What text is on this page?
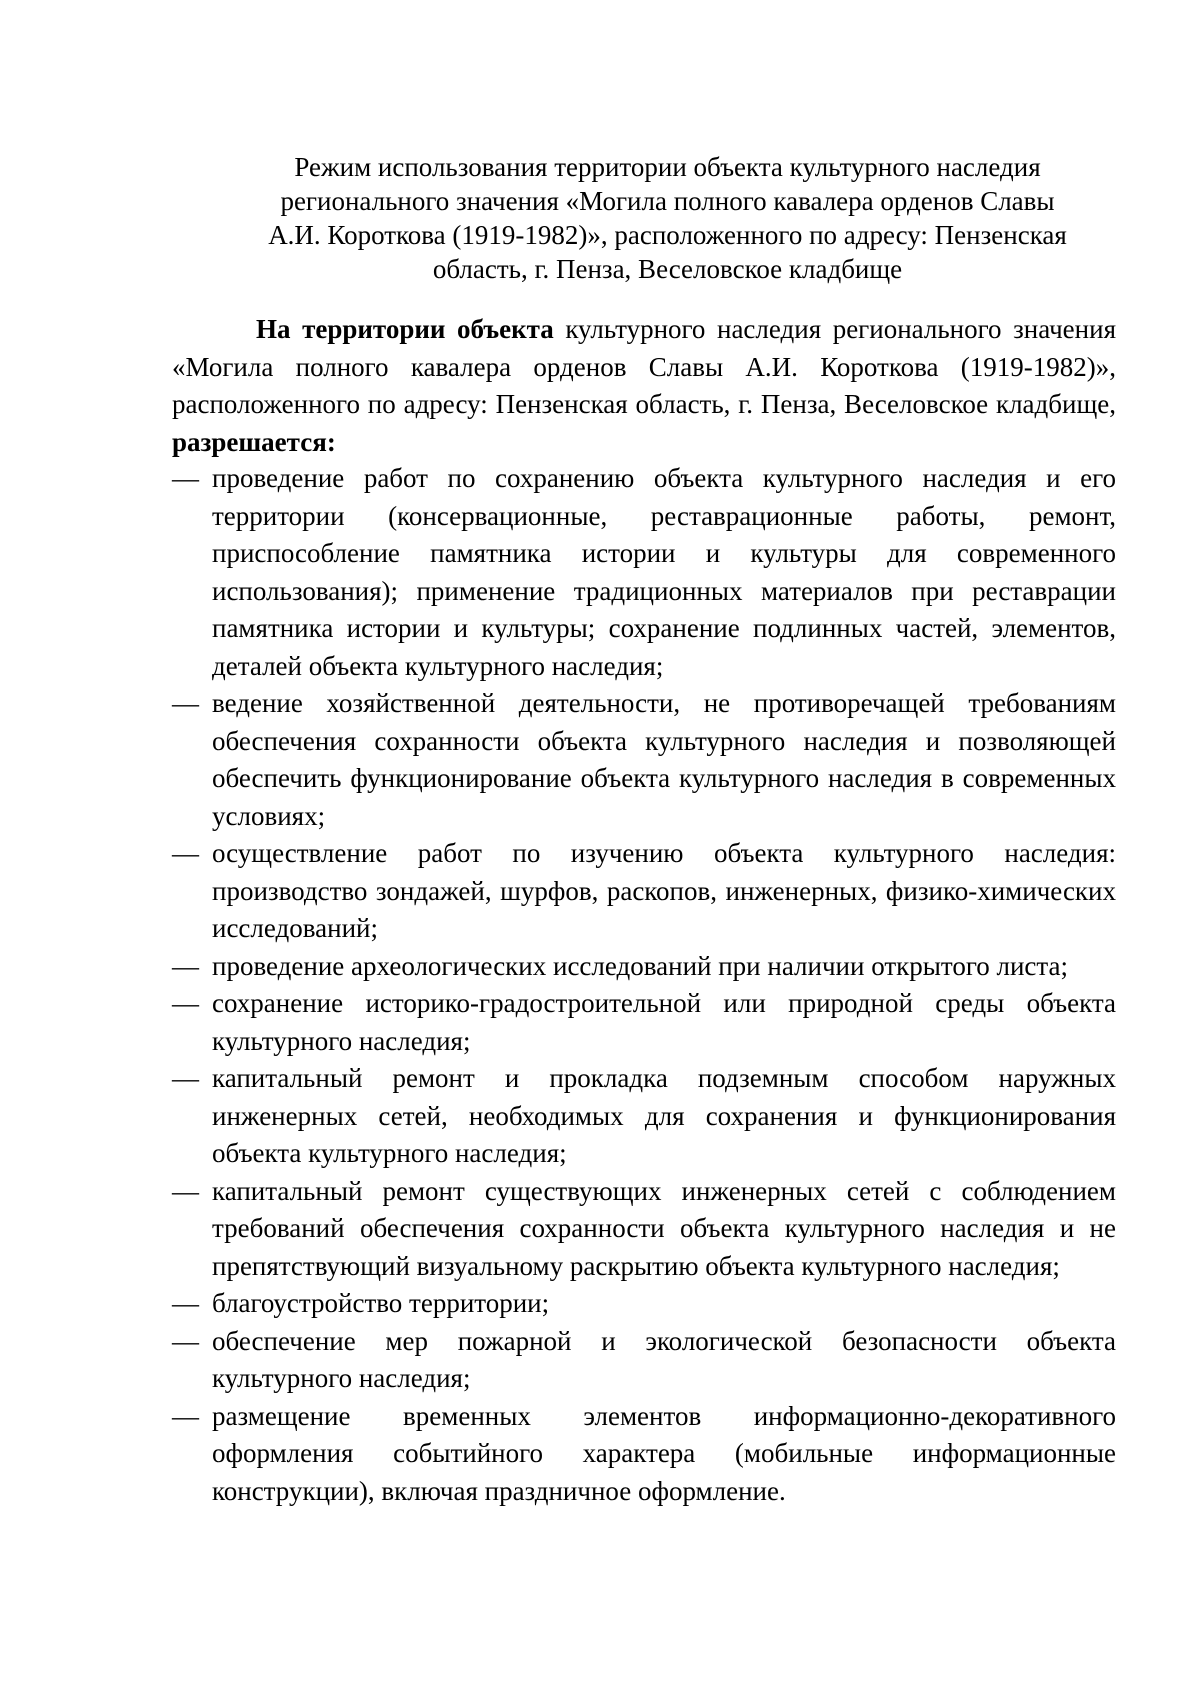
Режим использования территории объекта культурного наследия
регионального значения «Могила полного кавалера орденов Славы
А.И. Короткова (1919-1982)», расположенного по адресу: Пензенская
область, г. Пенза, Веселовское кладбище

На территории объекта культурного наследия регионального значения «Могила полного кавалера орденов Славы А.И. Короткова (1919-1982)», расположенного по адресу: Пензенская область, г. Пенза, Веселовское кладбище, разрешается:

— проведение работ по сохранению объекта культурного наследия и его территории (консервационные, реставрационные работы, ремонт, приспособление памятника истории и культуры для современного использования); применение традиционных материалов при реставрации памятника истории и культуры; сохранение подлинных частей, элементов, деталей объекта культурного наследия;
— ведение хозяйственной деятельности, не противоречащей требованиям обеспечения сохранности объекта культурного наследия и позволяющей обеспечить функционирование объекта культурного наследия в современных условиях;
— осуществление работ по изучению объекта культурного наследия: производство зондажей, шурфов, раскопов, инженерных, физико-химических исследований;
— проведение археологических исследований при наличии открытого листа;
— сохранение историко-градостроительной или природной среды объекта культурного наследия;
— капитальный ремонт и прокладка подземным способом наружных инженерных сетей, необходимых для сохранения и функционирования объекта культурного наследия;
— капитальный ремонт существующих инженерных сетей с соблюдением требований обеспечения сохранности объекта культурного наследия и не препятствующий визуальному раскрытию объекта культурного наследия;
— благоустройство территории;
— обеспечение мер пожарной и экологической безопасности объекта культурного наследия;
— размещение временных элементов информационно-декоративного оформления событийного характера (мобильные информационные конструкции), включая праздничное оформление.
